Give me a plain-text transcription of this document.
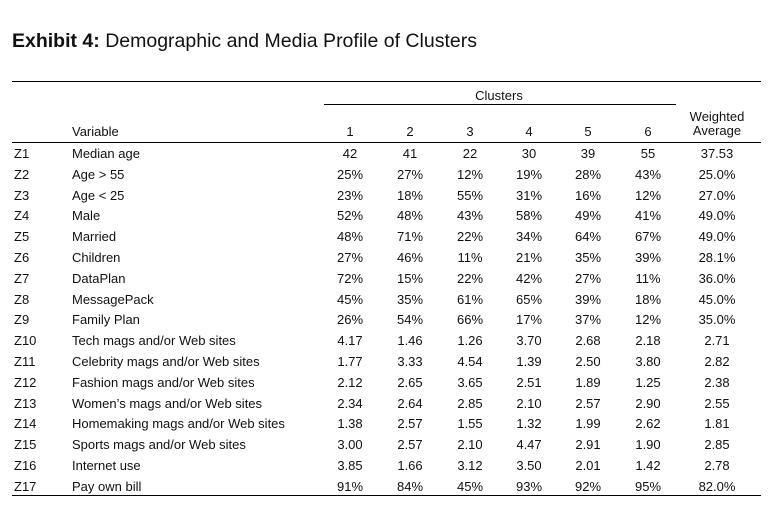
Exhibit 4: Demographic and Media Profile of Clusters
Clusters
Variable	1	2	3	4	5	6
Weighted
Average
Z1	Median age	42	41	22	30	39	55	37.53
Z2	Age > 55	25%	27%	12%	19%	28%	43%	25.0%
Z3	Age < 25	23%	18%	55%	31%	16%	12%	27.0%
Z4	Male	52%	48%	43%	58%	49%	41%	49.0%
Z5	Married	48%	71%	22%	34%	64%	67%	49.0%
Z6	Children	27%	46%	11%	21%	35%	39%	28.1%
Z7	DataPlan	72%	15%	22%	42%	27%	11%	36.0%
Z8	MessagePack	45%	35%	61%	65%	39%	18%	45.0%
Z9	Family Plan	26%	54%	66%	17%	37%	12%	35.0%
Z10	Tech mags and/or Web sites	4.17	1.46	1.26	3.70	2.68	2.18	2.71
Z11	Celebrity mags and/or Web sites	1.77	3.33	4.54	1.39	2.50	3.80	2.82
Z12	Fashion mags and/or Web sites	2.12	2.65	3.65	2.51	1.89	1.25	2.38
Z13	Women’s mags and/or Web sites	2.34	2.64	2.85	2.10	2.57	2.90	2.55
Z14	Homemaking mags and/or Web sites	1.38	2.57	1.55	1.32	1.99	2.62	1.81
Z15	Sports mags and/or Web sites	3.00	2.57	2.10	4.47	2.91	1.90	2.85
Z16	Internet use	3.85	1.66	3.12	3.50	2.01	1.42	2.78
Z17	Pay own bill	91%	84%	45%	93%	92%	95%	82.0%
